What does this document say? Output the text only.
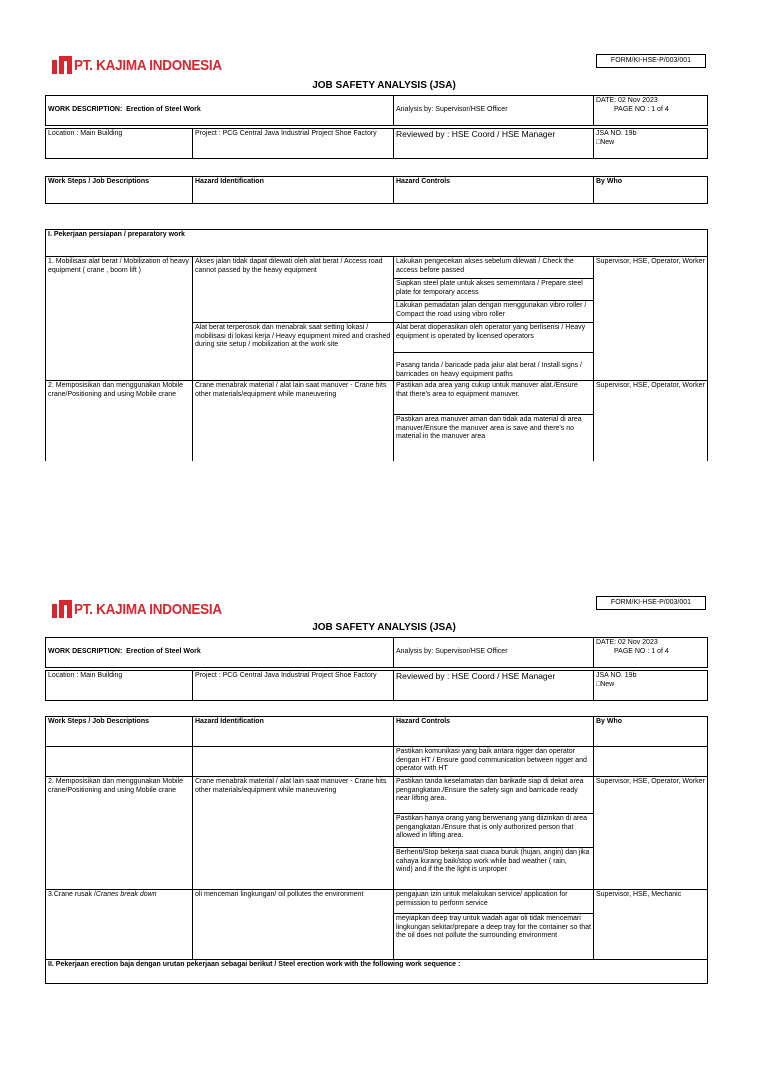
PT. KAJIMA INDONESIA	FORM/KI-HSE-P/003/001
JOB SAFETY ANALYSIS (JSA)
WORK DESCRIPTION: Erection of Steel Work	Analysis by: Supervisor/HSE Officer	DATE: 02 Nov 2023

PAGE NO : 1 of 4
Location : Main Building	Project : PCG Central Java Industrial Project Shoe Factory	Reviewed by : HSE Coord / HSE Manager	JSA NO. 19b
□New
Work Steps / Job Descriptions	Hazard Identification	Hazard Controls	By Who
I. Pekerjaan persiapan / preparatory work			
1. Mobilisasi alat berat / Mobilization of heavy equipment ( crane , boom lift )	Akses jalan tidak dapat dilewati oleh alat berat / Access road cannot passed by the heavy equipment	Lakukan pengecekan akses sebelum dilewati / Check the access before passed	Supervisor, HSE, Operator, Worker
		Siapkan steel plate untuk akses sememntara / Prepare steel plate for temporary access	
		Lakukan pemadatan jalan dengan menggunakan vibro roller / Compact the road using vibro roller	
	Alat berat terperosok dan menabrak saat setting lokasi / mobilisasi di lokasi kerja / Heavy equipment mired and crashed during site setup / mobilization at the work site	Alat berat dioperasikan oleh operator yang berlisensi / Heavy equipment is operated by licensed operators	
		Pasang tanda / baricade pada jalur alat berat / Install signs / barricades on heavy equipment paths	
2. Memposisikan dan menggunakan Mobile crane/Positioning and using Mobile crane	Crane menabrak material / alat lain saat manuver - Crane hits other materials/equipment while maneuvering	Pastikan ada area yang cukup untuk manuver alat./Ensure that there's area to equipment manuver.	Supervisor, HSE, Operator, Worker
		Pastikan area manuver aman dan tidak ada material di area manuver/Ensure the manuver area is save and there's no
material in the manuver area	
PT. KAJIMA INDONESIA	FORM/KI-HSE-P/003/001
JOB SAFETY ANALYSIS (JSA)
WORK DESCRIPTION: Erection of Steel Work	Analysis by: Supervisor/HSE Officer	DATE: 02 Nov 2023

PAGE NO : 1 of 4
Location : Main Building	Project : PCG Central Java Industrial Project Shoe Factory	Reviewed by : HSE Coord / HSE Manager	JSA NO. 19b
□New
Work Steps / Job Descriptions	Hazard Identification	Hazard Controls	By Who
		Pastikan komunikasi yang baik antara rigger dan operator dengan HT / Ensure good communication between rigger and operator with HT	
2. Memposisikan dan menggunakan Mobile crane/Positioning and using Mobile crane	Crane menabrak material / alat lain saat manuver - Crane hits other materials/equipment while maneuvering	Pastikan tanda keselamatan dan barikade siap di dekat area pengangkatan./Ensure the safety sign and barricade ready near lifting area.	Supervisor, HSE, Operator, Worker
		Pastikan hanya orang yang berwenang yang diizinkan di area pengangkatan./Ensure that is only authorized person that allowed in lifting area.	
		Berhenti/Stop bekerja saat cuaca buruk (hujan, angin) dan jika cahaya kurang baik/stop work while bad weather ( rain,
wind) and if the the light is unproper	
3.Crane rusak /Cranes break down	oli mencemari lingkungan/ oil pollutes the environment	pengajuan izin untuk melakukan service/ application for permission to perform service	Supervisor, HSE, Mechanic
		meyiapkan deep tray untuk wadah agar oli tidak mencemari lingkungan sekitar/prepare a deep tray for the container so that the oil does not pollute the surrounding environment	
II. Pekerjaan erection baja dengan urutan pekerjaan sebagai berikut / Steel erection work with the following work sequence :			
